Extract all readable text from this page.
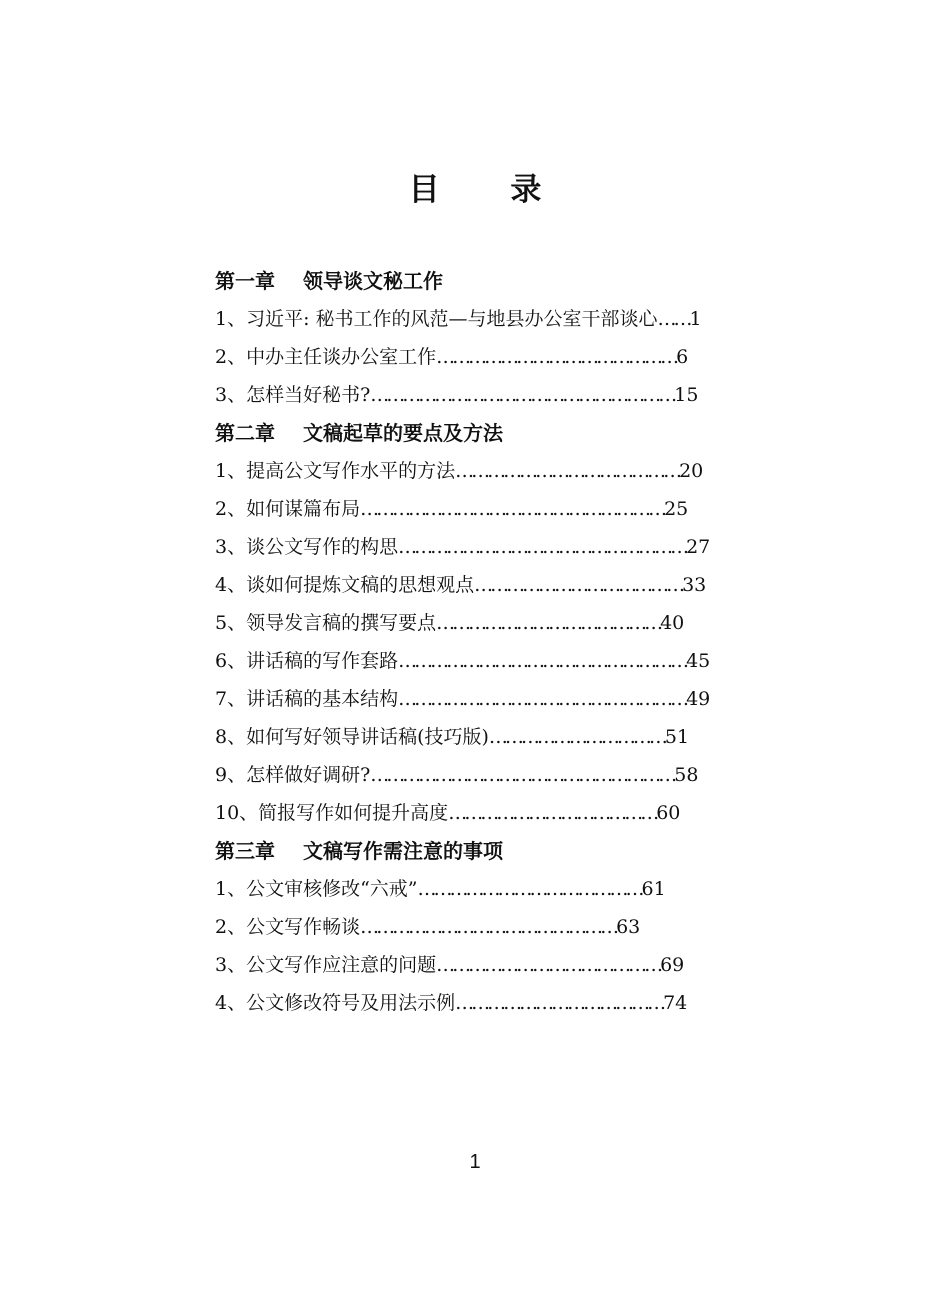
目 录
第一章 领导谈文秘工作
1、习近平: 秘书工作的风范—与地县办公室干部谈心……1
2、中办主任谈办公室工作………………………………………6
3、怎样当好秘书?…………………………………………………15
第二章 文稿起草的要点及方法
1、提高公文写作水平的方法……………………………………20
2、如何谋篇布局…………………………………………………25
3、谈公文写作的构思………………………………………………27
4、谈如何提炼文稿的思想观点…………………………………33
5、领导发言稿的撰写要点……………………………………40
6、讲话稿的写作套路………………………………………………45
7、讲话稿的基本结构………………………………………………49
8、如何写好领导讲话稿(技巧版)……………………………51
9、怎样做好调研?…………………………………………………58
10、简报写作如何提升高度…………………………………60
第三章 文稿写作需注意的事项
1、公文审核修改“六戒”……………………………………61
2、公文写作畅谈…………………………………………63
3、公文写作应注意的问题……………………………………69
4、公文修改符号及用法示例…………………………………74
1
